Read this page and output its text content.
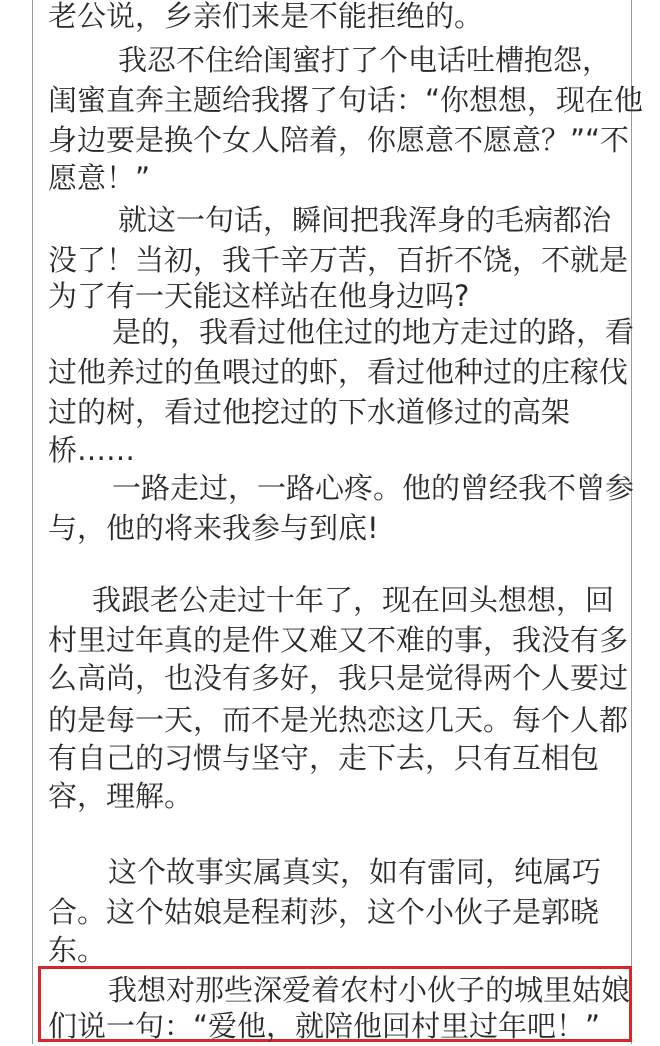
老公说，乡亲们来是不能拒绝的。
我忍不住给闺蜜打了个电话吐槽抱怨，
闺蜜直奔主题给我撂了句话：“你想想，现在他
身边要是换个女人陪着，你愿意不愿意？”“不
愿意！”
就这一句话，瞬间把我浑身的毛病都治
没了！当初，我千辛万苦，百折不饶，不就是
为了有一天能这样站在他身边吗?
是的，我看过他住过的地方走过的路，看
过他养过的鱼喂过的虾，看过他种过的庄稼伐
过的树，看过他挖过的下水道修过的高架
桥……
一路走过，一路心疼。他的曾经我不曾参
与，他的将来我参与到底!
我跟老公走过十年了，现在回头想想，回
村里过年真的是件又难又不难的事，我没有多
么高尚，也没有多好，我只是觉得两个人要过
的是每一天，而不是光热恋这几天。每个人都
有自己的习惯与坚守，走下去，只有互相包
容，理解。
这个故事实属真实，如有雷同，纯属巧
合。这个姑娘是程莉莎，这个小伙子是郭晓
东。
我想对那些深爱着农村小伙子的城里姑娘
们说一句：“爱他，就陪他回村里过年吧！”
